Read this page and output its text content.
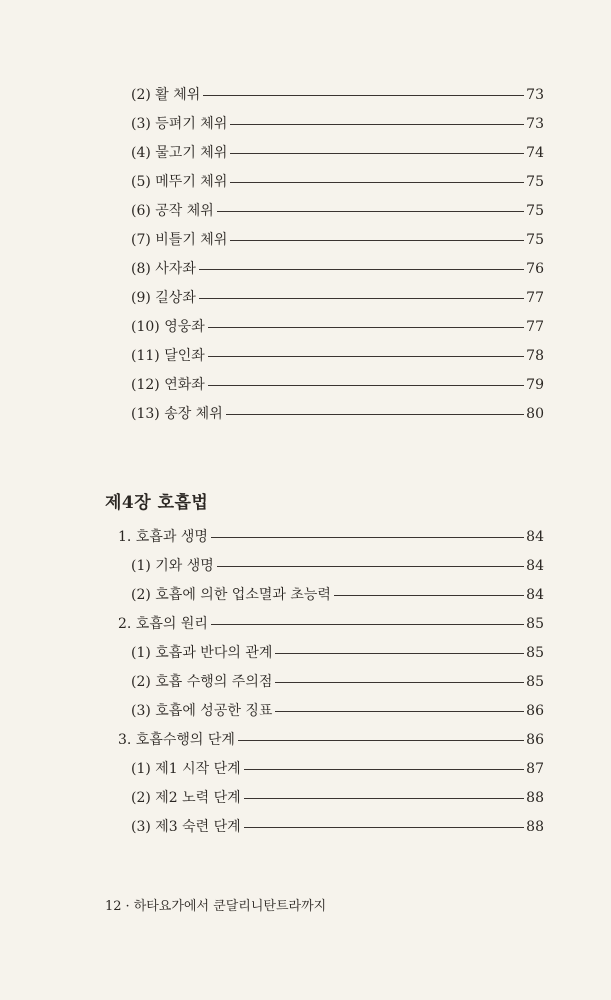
(2) 활 체위	73
(3) 등펴기 체위	73
(4) 물고기 체위	74
(5) 메뚜기 체위	75
(6) 공작 체위	75
(7) 비틀기 체위	75
(8) 사자좌	76
(9) 길상좌	77
(10) 영웅좌	77
(11) 달인좌	78
(12) 연화좌	79
(13) 송장 체위	80
제4장 호흡법
1. 호흡과 생명	84
(1) 기와 생명	84
(2) 호흡에 의한 업소멸과 초능력	84
2. 호흡의 원리	85
(1) 호흡과 반다의 관계	85
(2) 호흡 수행의 주의점	85
(3) 호흡에 성공한 징표	86
3. 호흡수행의 단계	86
(1) 제1 시작 단계	87
(2) 제2 노력 단계	88
(3) 제3 숙련 단계	88
12 · 하타요가에서 쿤달리니탄트라까지
